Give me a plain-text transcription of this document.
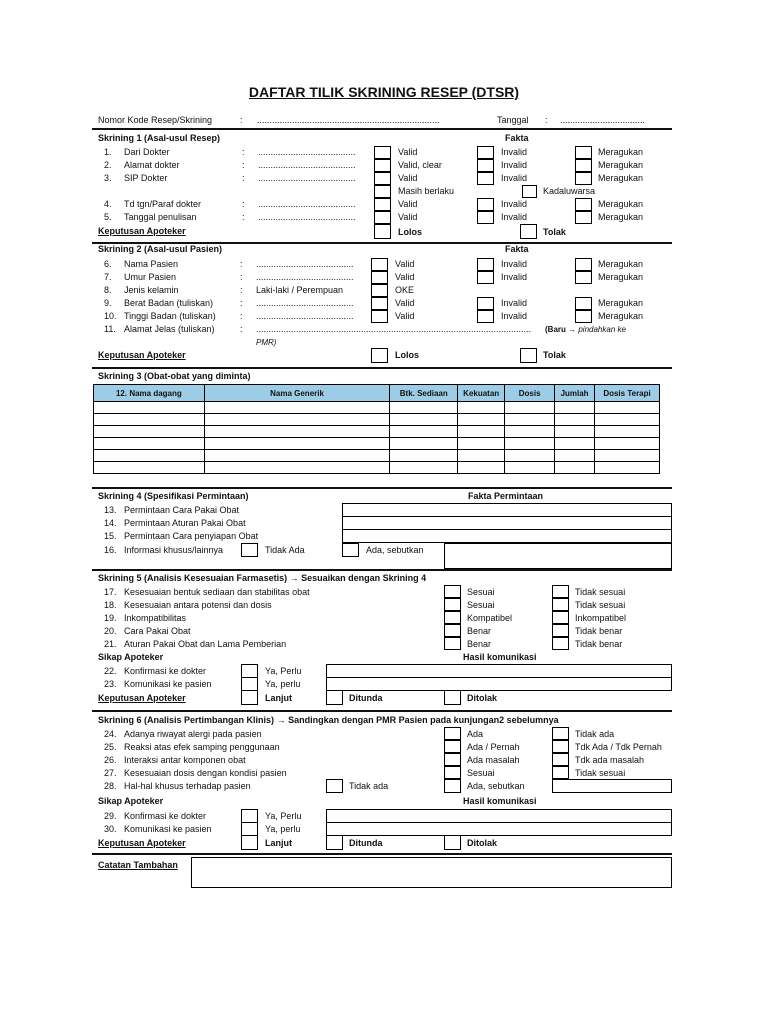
DAFTAR TILIK SKRINING RESEP (DTSR)
Nomor Kode Resep/Skrining	: .........................................................................	Tanggal : ..................................
Skrining 1 (Asal-usul Resep)	Fakta
1. Dari Dokter	: .......................................	Valid	Invalid	Meragukan
2. Alamat dokter	: .......................................	Valid, clear	Invalid	Meragukan
3. SIP Dokter	: .......................................	Valid	Invalid	Meragukan
Masih berlaku	Kadaluwarsa
4. Td tgn/Paraf dokter	: .......................................	Valid	Invalid	Meragukan
5. Tanggal penulisan	: .......................................	Valid	Invalid	Meragukan
Keputusan Apoteker	Lolos	Tolak
Skrining 2 (Asal-usul Pasien)	Fakta
6. Nama Pasien	: .......................................	Valid	Invalid	Meragukan
7. Umur Pasien	: .......................................	Valid	Invalid	Meragukan
8. Jenis kelamin	: Laki-laki / Perempuan	OKE
9. Berat Badan (tuliskan)	: .......................................	Valid	Invalid	Meragukan
10. Tinggi Badan (tuliskan)	: .......................................	Valid	Invalid	Meragukan
11. Alamat Jelas (tuliskan)	: ..............................................................................................................	(Baru → pindahkan ke
PMR)
Keputusan Apoteker	Lolos	Tolak
Skrining 3 (Obat-obat yang diminta)
12. Nama dagang	Nama Generik	Btk. Sediaan	Kekuatan	Dosis	Jumlah	Dosis Terapi

Skrining 4 (Spesifikasi Permintaan)	Fakta Permintaan
13. Permintaan Cara Pakai Obat
14. Permintaan Aturan Pakai Obat
15. Permintaan Cara penyiapan Obat
16. Informasi khusus/lainnya	Tidak Ada	Ada, sebutkan
Skrining 5 (Analisis Kesesuaian Farmasetis) → Sesuaikan dengan Skrining 4
17. Kesesuaian bentuk sediaan dan stabilitas obat	Sesuai	Tidak sesuai
18. Kesesuaian antara potensi dan dosis	Sesuai	Tidak sesuai
19. Inkompatibilitas	Kompatibel	Inkompatibel
20. Cara Pakai Obat	Benar	Tidak benar
21. Aturan Pakai Obat dan Lama Pemberian	Benar	Tidak benar
Sikap Apoteker	Hasil komunikasi
22. Konfirmasi ke dokter	Ya, Perlu
23. Komunikasi ke pasien	Ya, perlu
Keputusan Apoteker	Lanjut	Ditunda	Ditolak
Skrining 6 (Analisis Pertimbangan Klinis) → Sandingkan dengan PMR Pasien pada kunjungan2 sebelumnya
24. Adanya riwayat alergi pada pasien	Ada	Tidak ada
25. Reaksi atas efek samping penggunaan	Ada / Pernah	Tdk Ada / Tdk Pernah
26. Interaksi antar komponen obat	Ada masalah	Tdk ada masalah
27. Kesesuaian dosis dengan kondisi pasien	Sesuai	Tidak sesuai
28. Hal-hal khusus terhadap pasien	Tidak ada	Ada, sebutkan
Sikap Apoteker	Hasil komunikasi
29. Konfirmasi ke dokter	Ya, Perlu
30. Komunikasi ke pasien	Ya, perlu
Keputusan Apoteker	Lanjut	Ditunda	Ditolak
Catatan Tambahan
